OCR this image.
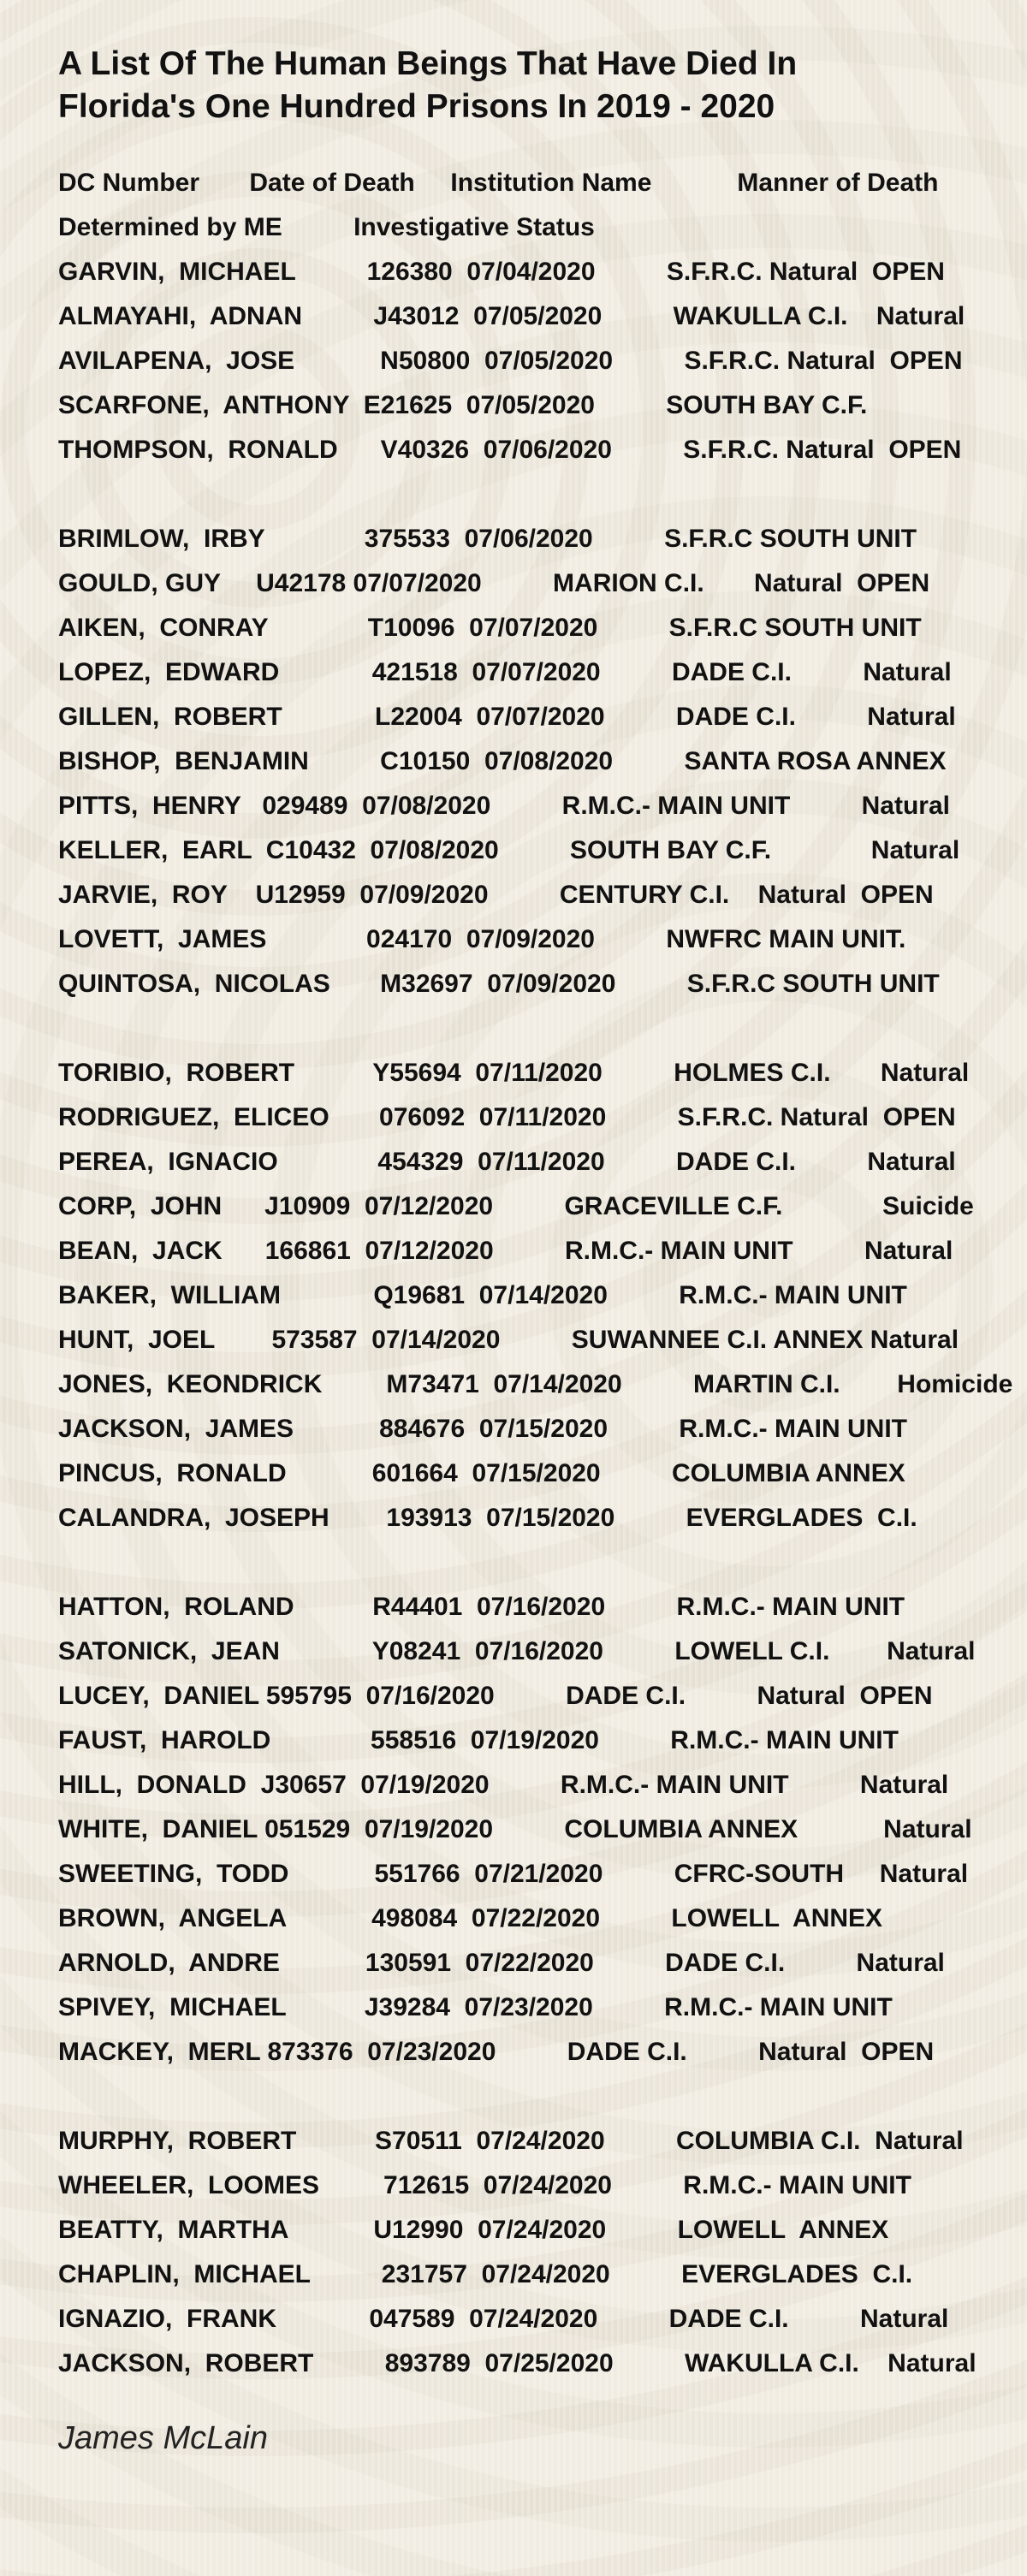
A List Of The Human Beings That Have Died In Florida's One Hundred Prisons In 2019 - 2020
DC Number       Date of Death     Institution Name            Manner of Death
Determined by ME          Investigative Status
GARVIN,  MICHAEL          126380  07/04/2020          S.F.R.C. Natural  OPEN
ALMAYAHI,  ADNAN          J43012  07/05/2020          WAKULLA C.I.    Natural
AVILAPENA,  JOSE            N50800  07/05/2020          S.F.R.C. Natural  OPEN
SCARFONE,  ANTHONY  E21625  07/05/2020          SOUTH BAY C.F.
THOMPSON,  RONALD      V40326  07/06/2020          S.F.R.C. Natural  OPEN
BRIMLOW,  IRBY              375533  07/06/2020          S.F.R.C SOUTH UNIT
GOULD, GUY     U42178 07/07/2020          MARION C.I.       Natural  OPEN
AIKEN,  CONRAY              T10096  07/07/2020          S.F.R.C SOUTH UNIT
LOPEZ,  EDWARD             421518  07/07/2020          DADE C.I.          Natural
GILLEN,  ROBERT             L22004  07/07/2020          DADE C.I.          Natural
BISHOP,  BENJAMIN          C10150  07/08/2020          SANTA ROSA ANNEX
PITTS,  HENRY   029489  07/08/2020          R.M.C.- MAIN UNIT          Natural
KELLER,  EARL  C10432  07/08/2020          SOUTH BAY C.F.              Natural
JARVIE,  ROY    U12959  07/09/2020          CENTURY C.I.    Natural  OPEN
LOVETT,  JAMES              024170  07/09/2020          NWFRC MAIN UNIT.
QUINTOSA,  NICOLAS       M32697  07/09/2020          S.F.R.C SOUTH UNIT
TORIBIO,  ROBERT           Y55694  07/11/2020          HOLMES C.I.       Natural
RODRIGUEZ,  ELICEO       076092  07/11/2020          S.F.R.C. Natural  OPEN
PEREA,  IGNACIO              454329  07/11/2020          DADE C.I.          Natural
CORP,  JOHN      J10909  07/12/2020          GRACEVILLE C.F.              Suicide
BEAN,  JACK      166861  07/12/2020          R.M.C.- MAIN UNIT          Natural
BAKER,  WILLIAM             Q19681  07/14/2020          R.M.C.- MAIN UNIT
HUNT,  JOEL        573587  07/14/2020          SUWANNEE C.I. ANNEX Natural
JONES,  KEONDRICK         M73471  07/14/2020          MARTIN C.I.        Homicide
JACKSON,  JAMES            884676  07/15/2020          R.M.C.- MAIN UNIT
PINCUS,  RONALD            601664  07/15/2020          COLUMBIA ANNEX
CALANDRA,  JOSEPH        193913  07/15/2020          EVERGLADES  C.I.
HATTON,  ROLAND           R44401  07/16/2020          R.M.C.- MAIN UNIT
SATONICK,  JEAN             Y08241  07/16/2020          LOWELL C.I.        Natural
LUCEY,  DANIEL 595795  07/16/2020          DADE C.I.          Natural  OPEN
FAUST,  HAROLD              558516  07/19/2020          R.M.C.- MAIN UNIT
HILL,  DONALD  J30657  07/19/2020          R.M.C.- MAIN UNIT          Natural
WHITE,  DANIEL 051529  07/19/2020          COLUMBIA ANNEX            Natural
SWEETING,  TODD            551766  07/21/2020          CFRC-SOUTH     Natural
BROWN,  ANGELA            498084  07/22/2020          LOWELL  ANNEX
ARNOLD,  ANDRE            130591  07/22/2020          DADE C.I.          Natural
SPIVEY,  MICHAEL           J39284  07/23/2020          R.M.C.- MAIN UNIT
MACKEY,  MERL 873376  07/23/2020          DADE C.I.          Natural  OPEN
MURPHY,  ROBERT           S70511  07/24/2020          COLUMBIA C.I.  Natural
WHEELER,  LOOMES         712615  07/24/2020          R.M.C.- MAIN UNIT
BEATTY,  MARTHA            U12990  07/24/2020          LOWELL  ANNEX
CHAPLIN,  MICHAEL          231757  07/24/2020          EVERGLADES  C.I.
IGNAZIO,  FRANK             047589  07/24/2020          DADE C.I.          Natural
JACKSON,  ROBERT          893789  07/25/2020          WAKULLA C.I.    Natural
James McLain
